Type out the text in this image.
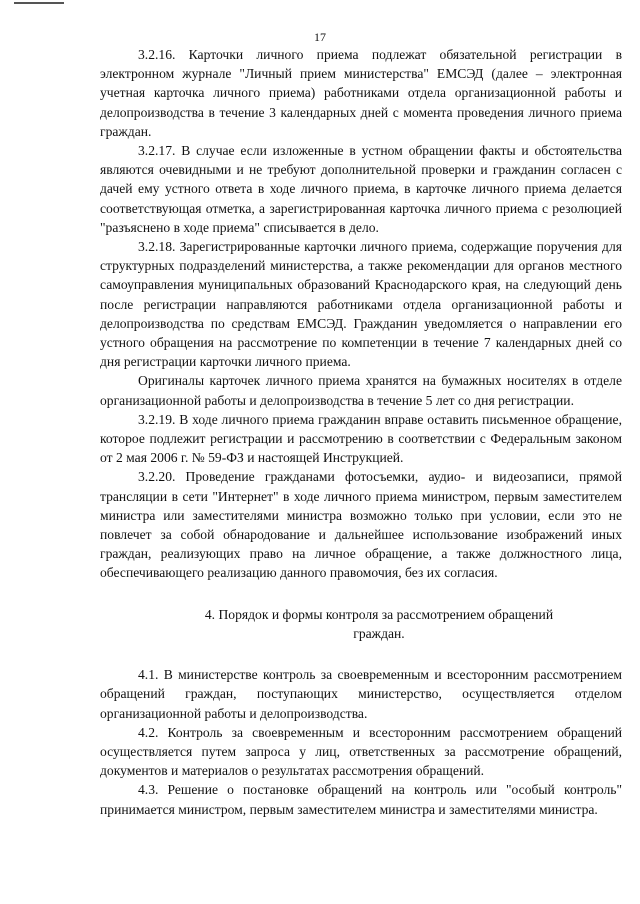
17

3.2.16. Карточки личного приема подлежат обязательной регистрации в электронном журнале "Личный прием министерства" ЕМСЭД (далее – электронная учетная карточка личного приема) работниками отдела организационной работы и делопроизводства в течение 3 календарных дней с момента проведения личного приема граждан.

3.2.17. В случае если изложенные в устном обращении факты и обстоятельства являются очевидными и не требуют дополнительной проверки и гражданин согласен с дачей ему устного ответа в ходе личного приема, в карточке личного приема делается соответствующая отметка, а зарегистрированная карточка личного приема с резолюцией "разъяснено в ходе приема" списывается в дело.

3.2.18. Зарегистрированные карточки личного приема, содержащие поручения для структурных подразделений министерства, а также рекомендации для органов местного самоуправления муниципальных образований Краснодарского края, на следующий день после регистрации направляются работниками отдела организационной работы и делопроизводства по средствам ЕМСЭД. Гражданин уведомляется о направлении его устного обращения на рассмотрение по компетенции в течение 7 календарных дней со дня регистрации карточки личного приема.

Оригиналы карточек личного приема хранятся на бумажных носителях в отделе организационной работы и делопроизводства в течение 5 лет со дня регистрации.

3.2.19. В ходе личного приема гражданин вправе оставить письменное обращение, которое подлежит регистрации и рассмотрению в соответствии с Федеральным законом от 2 мая 2006 г. № 59-ФЗ и настоящей Инструкцией.

3.2.20. Проведение гражданами фотосъемки, аудио- и видеозаписи, прямой трансляции в сети "Интернет" в ходе личного приема министром, первым заместителем министра или заместителями министра возможно только при условии, если это не повлечет за собой обнародование и дальнейшее использование изображений иных граждан, реализующих право на личное обращение, а также должностного лица, обеспечивающего реализацию данного правомочия, без их согласия.

4. Порядок и формы контроля за рассмотрением обращений
граждан.

4.1. В министерстве контроль за своевременным и всесторонним рассмотрением обращений граждан, поступающих министерство, осуществляется отделом организационной работы и делопроизводства.

4.2. Контроль за своевременным и всесторонним рассмотрением обращений осуществляется путем запроса у лиц, ответственных за рассмотрение обращений, документов и материалов о результатах рассмотрения обращений.

4.3. Решение о постановке обращений на контроль или "особый контроль" принимается министром, первым заместителем министра и заместителями министра.
